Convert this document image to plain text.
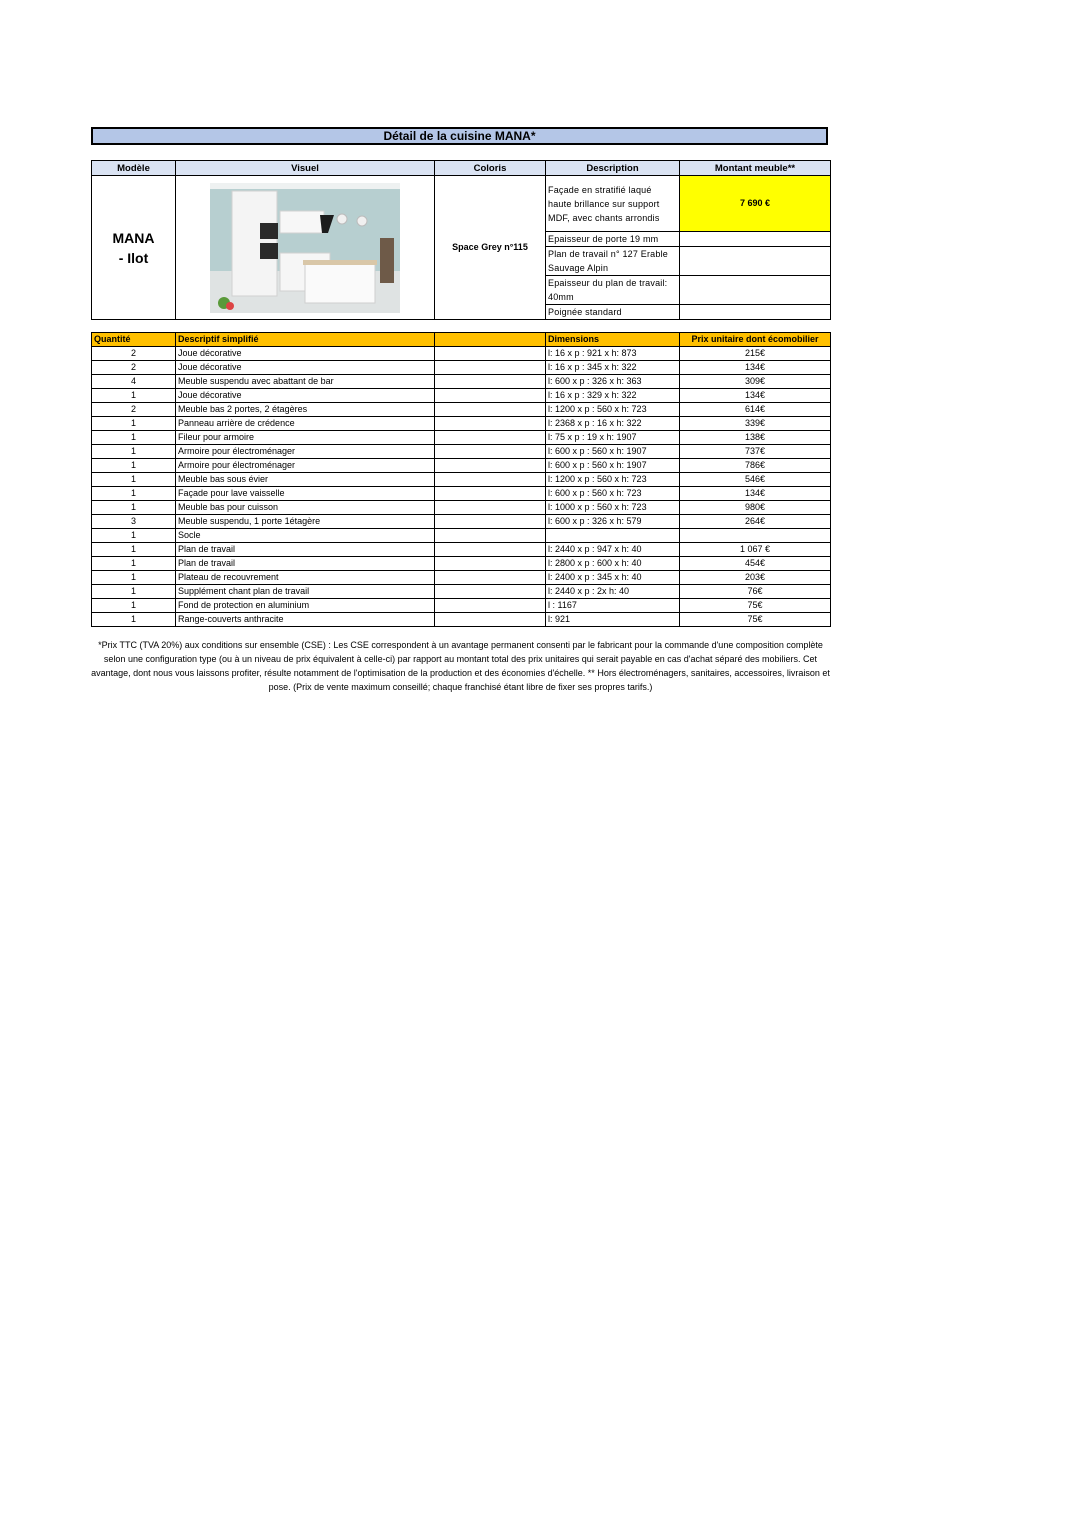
Détail de la cuisine MANA*
Modèle	Visuel	Coloris	Description	Montant meuble**
MANA
- Ilot		Space Grey n°115	Façade en stratifié laqué haute brillance sur support MDF, avec chants arrondis	7 690 €
			Epaisseur de porte 19 mm	
			Plan de travail n° 127 Erable Sauvage Alpin	
			Epaisseur du plan de travail: 40mm	
			Poignée standard	
Quantité	Descriptif simplifié		Dimensions	Prix unitaire dont écomobilier
2	Joue décorative		l: 16 x p : 921 x h: 873	215€
2	Joue décorative		l: 16 x p : 345 x h: 322	134€
4	Meuble suspendu avec abattant de bar		l: 600 x p : 326 x h: 363	309€
1	Joue décorative		l: 16 x p : 329 x h: 322	134€
2	Meuble bas 2 portes, 2 étagères		l: 1200 x p : 560 x h: 723	614€
1	Panneau arrière de crédence		l: 2368 x p : 16 x h: 322	339€
1	Fileur pour armoire		l: 75 x p : 19 x h: 1907	138€
1	Armoire pour électroménager		l: 600 x p : 560 x h: 1907	737€
1	Armoire pour électroménager		l: 600 x p : 560 x h: 1907	786€
1	Meuble bas sous évier		l: 1200 x p : 560 x h: 723	546€
1	Façade pour lave vaisselle		l: 600 x p : 560 x h: 723	134€
1	Meuble bas pour cuisson		l: 1000 x p : 560 x h: 723	980€
3	Meuble suspendu, 1 porte 1étagère		l: 600 x p : 326 x h: 579	264€
1	Socle			
1	Plan de travail		l: 2440 x p : 947 x h: 40	1 067 €
1	Plan de travail		l: 2800 x p : 600 x h: 40	454€
1	Plateau de recouvrement		l: 2400 x p : 345 x h: 40	203€
1	Supplément chant plan de travail		l: 2440 x p : 2x h: 40	76€
1	Fond de protection en aluminium		l : 1167	75€
1	Range-couverts anthracite		l: 921	75€
*Prix TTC (TVA 20%) aux conditions sur ensemble (CSE) : Les CSE correspondent à un avantage permanent consenti par le fabricant pour la commande d'une composition complète selon une configuration type (ou à un niveau de prix équivalent à celle-ci) par rapport au montant total des prix unitaires qui serait payable en cas d'achat séparé des mobiliers. Cet avantage, dont nous vous laissons profiter, résulte notamment de l'optimisation de la production et des économies d'échelle. ** Hors électroménagers, sanitaires, accessoires, livraison et pose. (Prix de vente maximum conseillé; chaque franchisé étant libre de fixer ses propres tarifs.)
